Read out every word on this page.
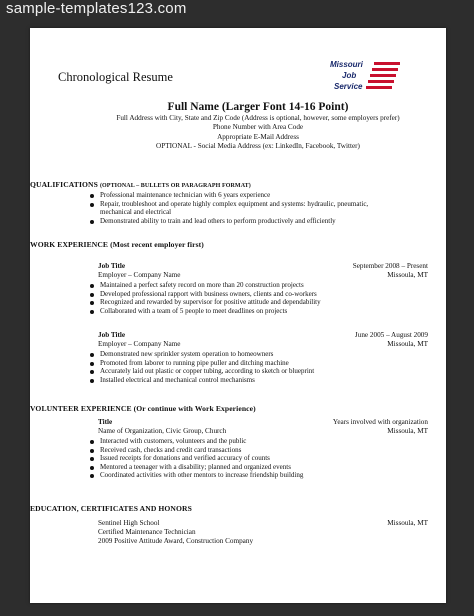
sample-templates123.com
Chronological Resume
Missouri
Job
Service
Full Name (Larger Font 14-16 Point)
Full Address with City, State and Zip Code (Address is optional, however, some employers prefer)
Phone Number with Area Code
Appropriate E-Mail Address
OPTIONAL - Social Media Address (ex: LinkedIn, Facebook, Twitter)
QUALIFICATIONS (OPTIONAL – BULLETS OR PARAGRAPH FORMAT)
Professional maintenance technician with 6 years experience
Repair, troubleshoot and operate highly complex equipment and systems: hydraulic, pneumatic,
mechanical and electrical
Demonstrated ability to train and lead others to perform productively and efficiently
WORK EXPERIENCE (Most recent employer first)
Job Title	September 2008 – Present
Employer – Company Name	Missoula, MT
Maintained a perfect safety record on more than 20 construction projects
Developed professional rapport with business owners, clients and co-workers
Recognized and rewarded by supervisor for positive attitude and dependability
Collaborated with a team of 5 people to meet deadlines on projects
Job Title	June 2005 – August 2009
Employer – Company Name	Missoula, MT
Demonstrated new sprinkler system operation to homeowners
Promoted from laborer to running pipe puller and ditching machine
Accurately laid out plastic or copper tubing, according to sketch or blueprint
Installed electrical and mechanical control mechanisms
VOLUNTEER EXPERIENCE (Or continue with Work Experience)
Title	Years involved with organization
Name of Organization, Civic Group, Church	Missoula, MT
Interacted with customers, volunteers and the public
Received cash, checks and credit card transactions
Issued receipts for donations and verified accuracy of counts
Mentored a teenager with a disability; planned and organized events
Coordinated activities with other mentors to increase friendship building
EDUCATION, CERTIFICATES AND HONORS
Sentinel High School	Missoula, MT
Certified Maintenance Technician
2009 Positive Attitude Award, Construction Company
